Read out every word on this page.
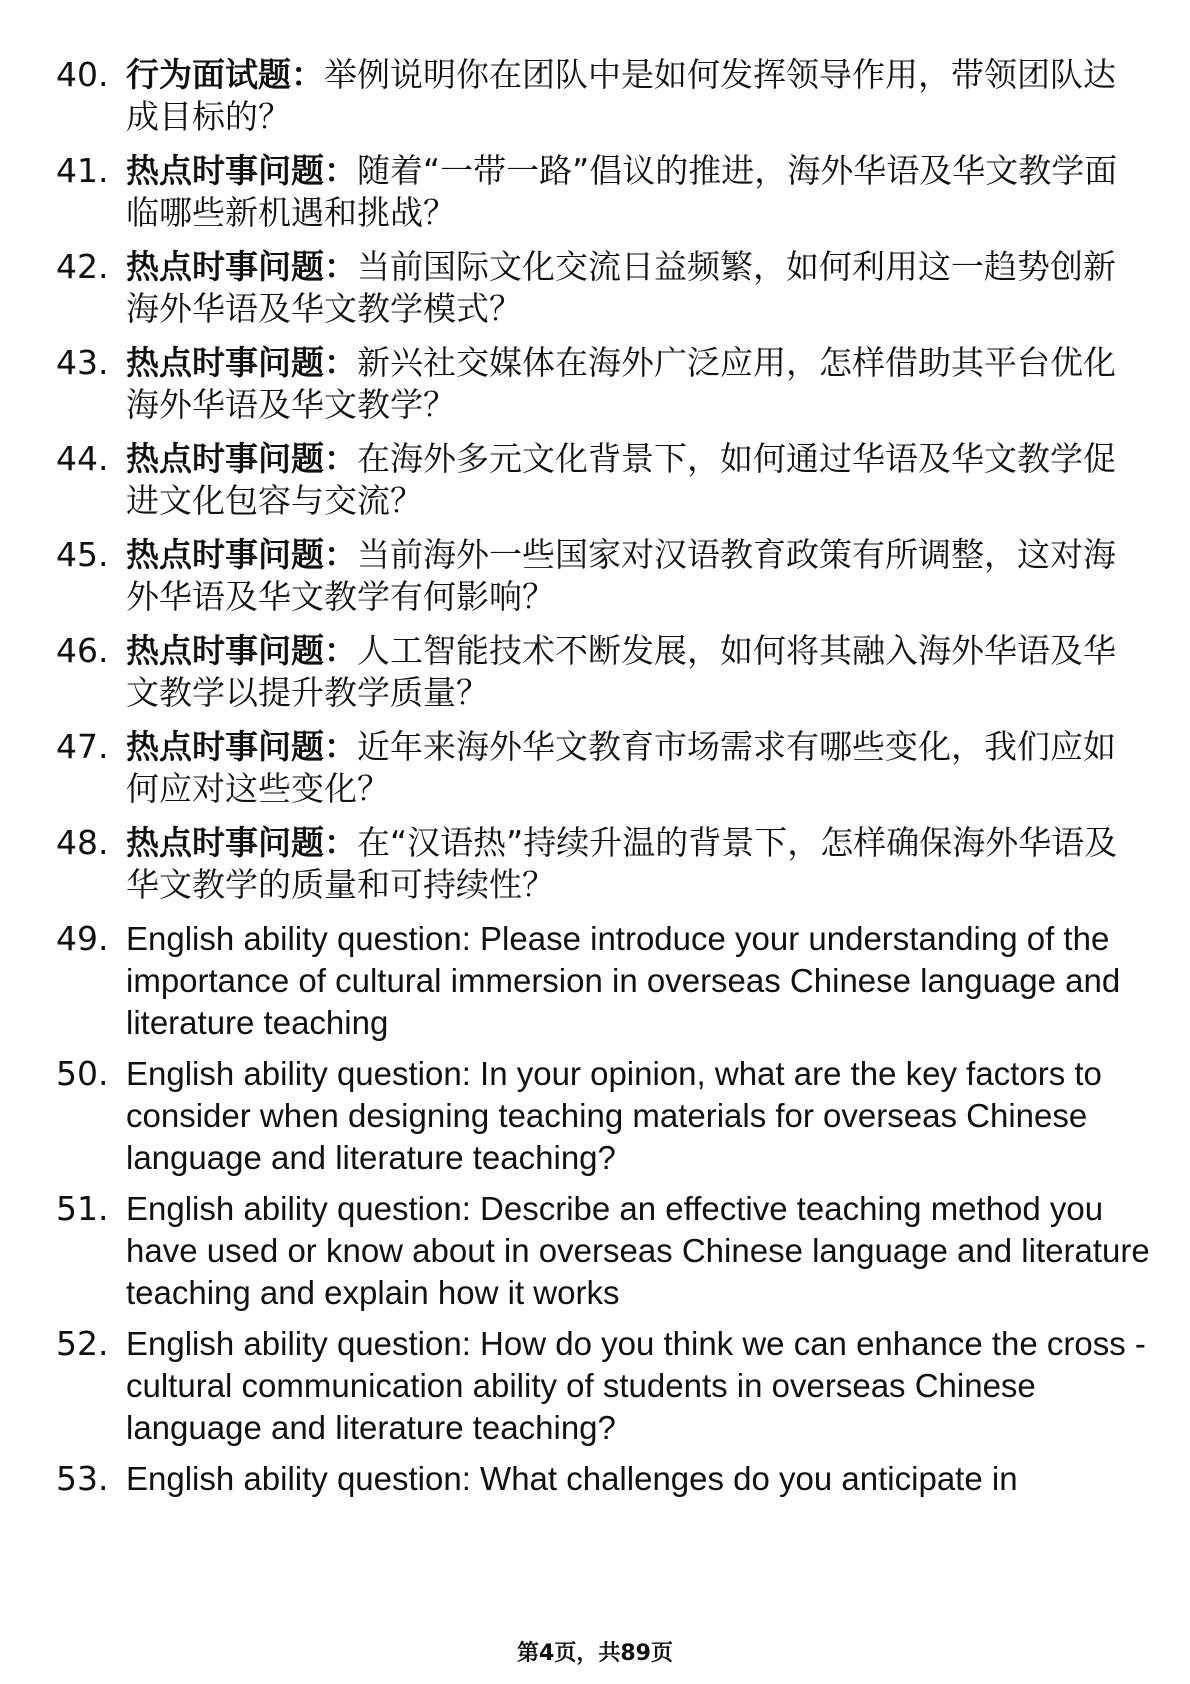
40. 行为面试题：举例说明你在团队中是如何发挥领导作用，带领团队达成目标的？
41. 热点时事问题：随着“一带一路”倡议的推进，海外华语及华文教学面临哪些新机遇和挑战？
42. 热点时事问题：当前国际文化交流日益频繁，如何利用这一趋势创新海外华语及华文教学模式？
43. 热点时事问题：新兴社交媒体在海外广泛应用，怎样借助其平台优化海外华语及华文教学？
44. 热点时事问题：在海外多元文化背景下，如何通过华语及华文教学促进文化包容与交流？
45. 热点时事问题：当前海外一些国家对汉语教育政策有所调整，这对海外华语及华文教学有何影响？
46. 热点时事问题：人工智能技术不断发展，如何将其融入海外华语及华文教学以提升教学质量？
47. 热点时事问题：近年来海外华文教育市场需求有哪些变化，我们应如何应对这些变化？
48. 热点时事问题：在“汉语热”持续升温的背景下，怎样确保海外华语及华文教学的质量和可持续性？
49. English ability question: Please introduce your understanding of the importance of cultural immersion in overseas Chinese language and literature teaching
50. English ability question: In your opinion, what are the key factors to consider when designing teaching materials for overseas Chinese language and literature teaching?
51. English ability question: Describe an effective teaching method you have used or know about in overseas Chinese language and literature teaching and explain how it works
52. English ability question: How do you think we can enhance the cross - cultural communication ability of students in overseas Chinese language and literature teaching?
53. English ability question: What challenges do you anticipate in
第4页，共89页
